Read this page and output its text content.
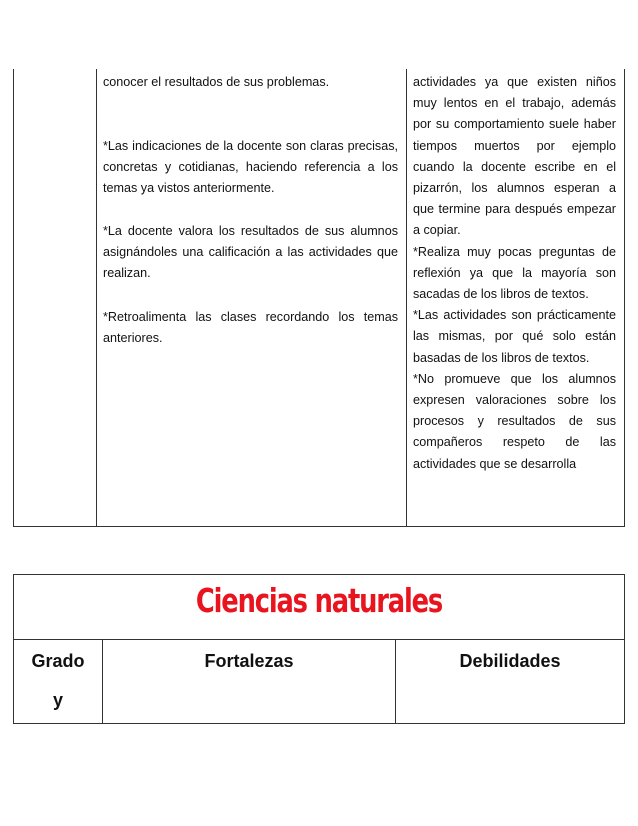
conocer el resultados de sus problemas.

*Las indicaciones de la docente son claras precisas, concretas y cotidianas, haciendo referencia a los temas ya vistos anteriormente.

*La docente valora los resultados de sus alumnos asignándoles una calificación a las actividades que realizan.

*Retroalimenta las clases recordando los temas anteriores.

actividades ya que existen niños muy lentos en el trabajo, además por su comportamiento suele haber tiempos muertos por ejemplo cuando la docente escribe en el pizarrón, los alumnos esperan a que termine para después empezar a copiar.

*Realiza muy pocas preguntas de reflexión ya que la mayoría son sacadas de los libros de textos.

*Las actividades son prácticamente las mismas, por qué solo están basadas de los libros de textos.

*No promueve que los alumnos expresen valoraciones sobre los procesos y resultados de sus compañeros respeto de las actividades que se desarrolla

Ciencias naturales
Grado y
Fortalezas	Debilidades
